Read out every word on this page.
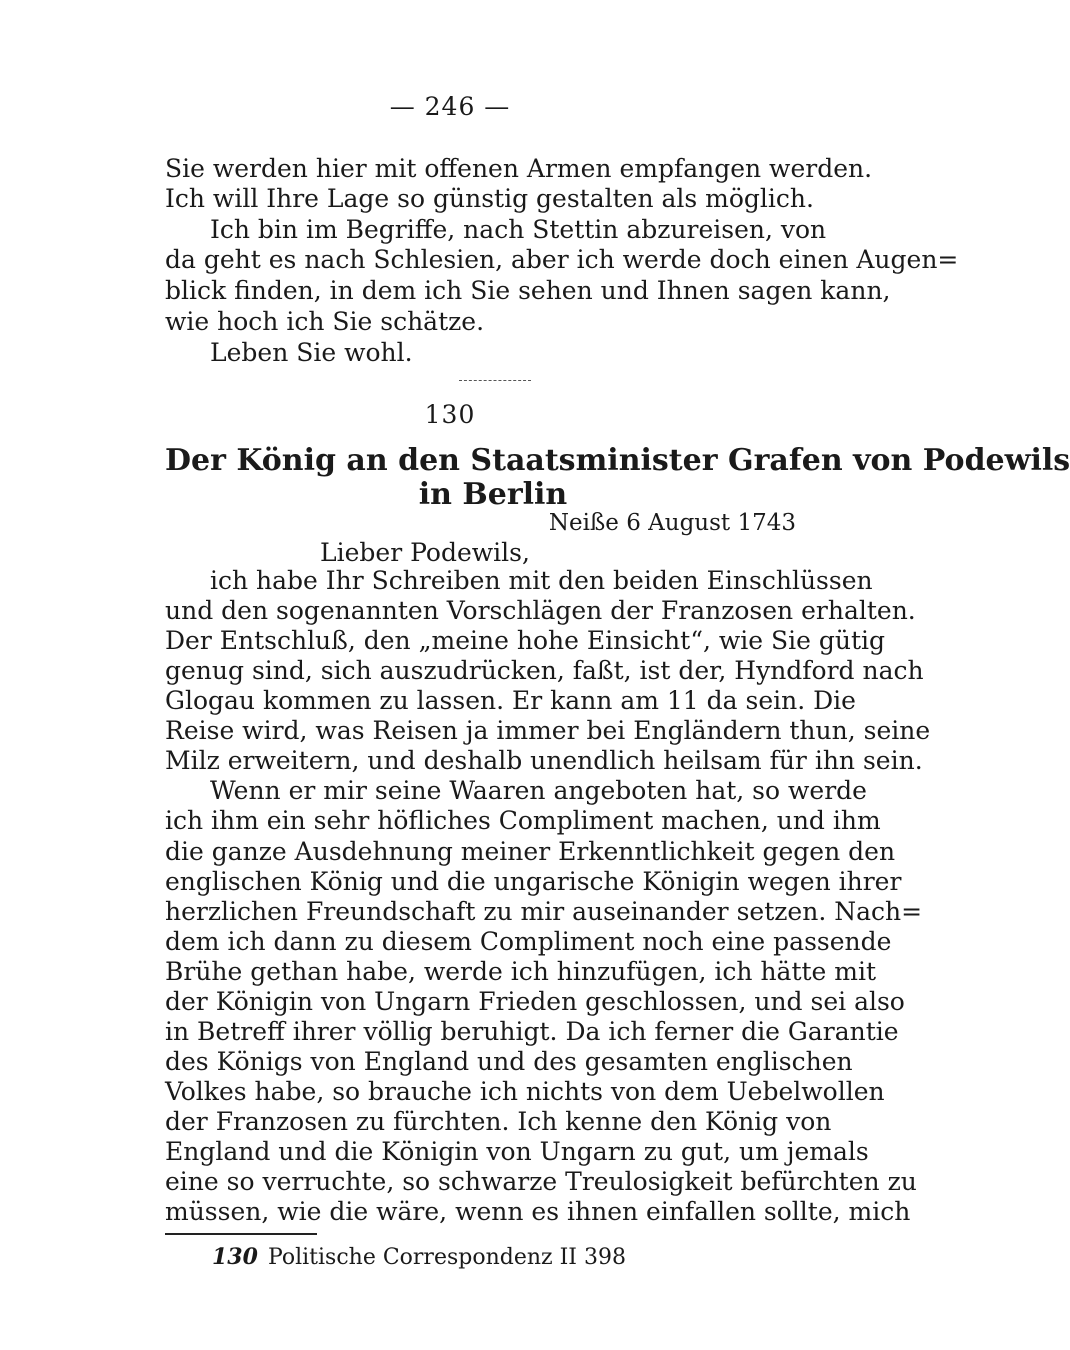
— 246 —
Sie werden hier mit offenen Armen empfangen werden.
Ich will Ihre Lage so günstig gestalten als möglich.
Ich bin im Begriffe, nach Stettin abzureisen, von
da geht es nach Schlesien, aber ich werde doch einen Augen=
blick finden, in dem ich Sie sehen und Ihnen sagen kann,
wie hoch ich Sie schätze.
Leben Sie wohl.
130
Der König an den Staatsminister Grafen von Podewils
in Berlin
Neiße 6 August 1743
Lieber Podewils,
ich habe Ihr Schreiben mit den beiden Einschlüssen
und den sogenannten Vorschlägen der Franzosen erhalten.
Der Entschluß, den „meine hohe Einsicht“, wie Sie gütig
genug sind, sich auszudrücken, faßt, ist der, Hyndford nach
Glogau kommen zu lassen. Er kann am 11 da sein. Die
Reise wird, was Reisen ja immer bei Engländern thun, seine
Milz erweitern, und deshalb unendlich heilsam für ihn sein.
Wenn er mir seine Waaren angeboten hat, so werde
ich ihm ein sehr höfliches Compliment machen, und ihm
die ganze Ausdehnung meiner Erkenntlichkeit gegen den
englischen König und die ungarische Königin wegen ihrer
herzlichen Freundschaft zu mir auseinander setzen. Nach=
dem ich dann zu diesem Compliment noch eine passende
Brühe gethan habe, werde ich hinzufügen, ich hätte mit
der Königin von Ungarn Frieden geschlossen, und sei also
in Betreff ihrer völlig beruhigt. Da ich ferner die Garantie
des Königs von England und des gesamten englischen
Volkes habe, so brauche ich nichts von dem Uebelwollen
der Franzosen zu fürchten. Ich kenne den König von
England und die Königin von Ungarn zu gut, um jemals
eine so verruchte, so schwarze Treulosigkeit befürchten zu
müssen, wie die wäre, wenn es ihnen einfallen sollte, mich
130 Politische Correspondenz II 398
